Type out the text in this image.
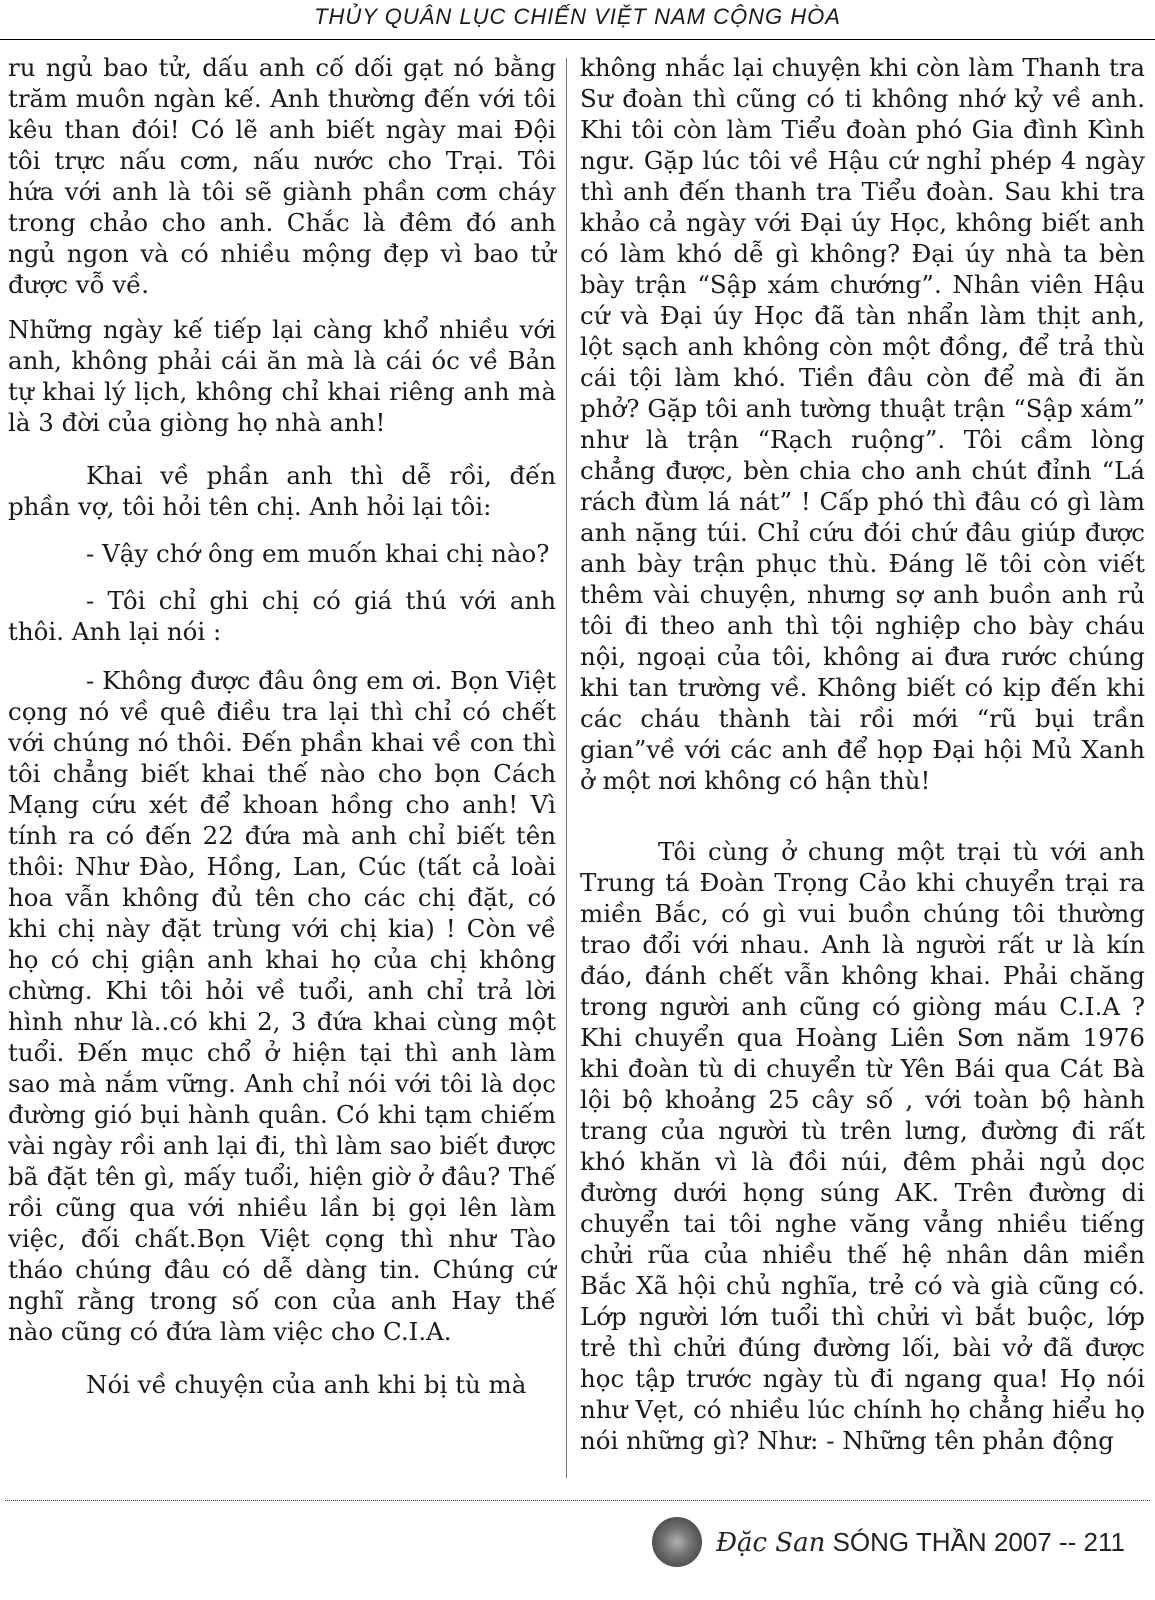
THỦY QUÂN LỤC CHIẾN VIỆT NAM CỘNG HÒA

ru ngủ bao tử, dấu anh cố dối gạt nó bằng trăm muôn ngàn kế. Anh thường đến với tôi kêu than đói! Có lẽ anh biết ngày mai Đội tôi trực nấu cơm, nấu nước cho Trại. Tôi hứa với anh là tôi sẽ giành phần cơm cháy trong chảo cho anh. Chắc là đêm đó anh ngủ ngon và có nhiều mộng đẹp vì bao tử được vỗ về.

Những ngày kế tiếp lại càng khổ nhiều với anh, không phải cái ăn mà là cái óc về Bản tự khai lý lịch, không chỉ khai riêng anh mà là 3 đời của giòng họ nhà anh!

Khai về phần anh thì dễ rồi, đến phần vợ, tôi hỏi tên chị. Anh hỏi lại tôi:

- Vậy chớ ông em muốn khai chị nào?

- Tôi chỉ ghi chị có giá thú với anh thôi. Anh lại nói :

- Không được đâu ông em ơi. Bọn Việt cọng nó về quê điều tra lại thì chỉ có chết với chúng nó thôi. Đến phần khai về con thì tôi chẳng biết khai thế nào cho bọn Cách Mạng cứu xét để khoan hồng cho anh! Vì tính ra có đến 22 đứa mà anh chỉ biết tên thôi: Như Đào, Hồng, Lan, Cúc (tất cả loài hoa vẫn không đủ tên cho các chị đặt, có khi chị này đặt trùng với chị kia) ! Còn về họ có chị giận anh khai họ của chị không chừng. Khi tôi hỏi về tuổi, anh chỉ trả lời hình như là..có khi 2, 3 đứa khai cùng một tuổi. Đến mục chổ ở hiện tại thì anh làm sao mà nắm vững. Anh chỉ nói với tôi là dọc đường gió bụi hành quân. Có khi tạm chiếm vài ngày rồi anh lại đi, thì làm sao biết được bã đặt tên gì, mấy tuổi, hiện giờ ở đâu? Thế rồi cũng qua với nhiều lần bị gọi lên làm việc, đối chất.Bọn Việt cọng thì như Tào tháo chúng đâu có dễ dàng tin. Chúng cứ nghĩ rằng trong số con của anh Hay thế nào cũng có đứa làm việc cho C.I.A.

Nói về chuyện của anh khi bị tù mà

không nhắc lại chuyện khi còn làm Thanh tra Sư đoàn thì cũng có ti không nhớ kỷ về anh. Khi tôi còn làm Tiểu đoàn phó Gia đình Kình ngư. Gặp lúc tôi về Hậu cứ nghỉ phép 4 ngày thì anh đến thanh tra Tiểu đoàn. Sau khi tra khảo cả ngày với Đại úy Học, không biết anh có làm khó dễ gì không? Đại úy nhà ta bèn bày trận “Sập xám chướng”. Nhân viên Hậu cứ và Đại úy Học đã tàn nhẩn làm thịt anh, lột sạch anh không còn một đồng, để trả thù cái tội làm khó. Tiền đâu còn để mà đi ăn phở? Gặp tôi anh tường thuật trận “Sập xám” như là trận “Rạch ruộng”. Tôi cầm lòng chẳng được, bèn chia cho anh chút đỉnh “Lá rách đùm lá nát” ! Cấp phó thì đâu có gì làm anh nặng túi. Chỉ cứu đói chứ đâu giúp được anh bày trận phục thù. Đáng lẽ tôi còn viết thêm vài chuyện, nhưng sợ anh buồn anh rủ tôi đi theo anh thì tội nghiệp cho bày cháu nội, ngoại của tôi, không ai đưa rước chúng khi tan trường về. Không biết có kịp đến khi các cháu thành tài rồi mới “rũ bụi trần gian”về với các anh để họp Đại hội Mủ Xanh ở một nơi không có hận thù!

Tôi cùng ở chung một trại tù với anh Trung tá Đoàn Trọng Cảo khi chuyển trại ra miền Bắc, có gì vui buồn chúng tôi thường trao đổi với nhau. Anh là người rất ư là kín đáo, đánh chết vẫn không khai. Phải chăng trong người anh cũng có giòng máu C.I.A ? Khi chuyển qua Hoàng Liên Sơn năm 1976 khi đoàn tù di chuyển từ Yên Bái qua Cát Bà lội bộ khoảng 25 cây số , với toàn bộ hành trang của người tù trên lưng, đường đi rất khó khăn vì là đồi núi, đêm phải ngủ dọc đường dưới họng súng AK. Trên đường di chuyển tai tôi nghe văng vẳng nhiều tiếng chửi rũa của nhiều thế hệ nhân dân miền Bắc Xã hội chủ nghĩa, trẻ có và già cũng có. Lớp người lớn tuổi thì chửi vì bắt buộc, lớp trẻ thì chửi đúng đường lối, bài vở đã được học tập trước ngày tù đi ngang qua! Họ nói như Vẹt, có nhiều lúc chính họ chẳng hiểu họ nói những gì? Như: - Những tên phản động

Đặc San SÓNG THẦN 2007 -- 211
